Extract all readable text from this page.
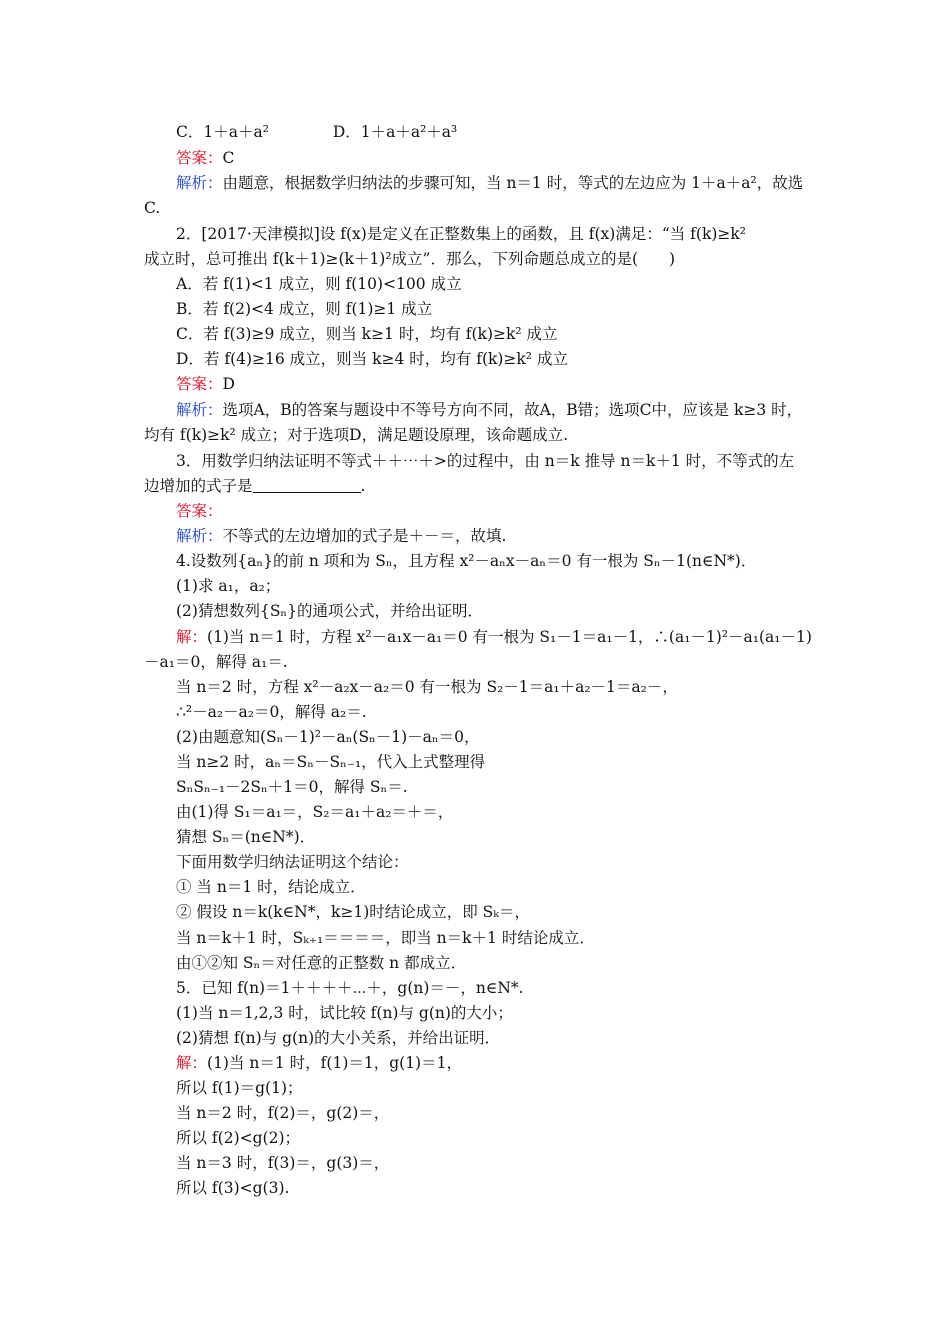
C．1＋a＋a²	D．1＋a＋a²＋a³
答案：C
解析：由题意，根据数学归纳法的步骤可知，当 n＝1 时，等式的左边应为 1＋a＋a²，故选
C.
2．[2017·天津模拟]设 f(x)是定义在正整数集上的函数，且 f(x)满足：“当 f(k)≥k²
成立时，总可推出 f(k＋1)≥(k＋1)²成立”．那么，下列命题总成立的是(　　)
A．若 f(1)<1 成立，则 f(10)<100 成立
B．若 f(2)<4 成立，则 f(1)≥1 成立
C．若 f(3)≥9 成立，则当 k≥1 时，均有 f(k)≥k² 成立
D．若 f(4)≥16 成立，则当 k≥4 时，均有 f(k)≥k² 成立
答案：D
解析：选项A，B的答案与题设中不等号方向不同，故A，B错；选项C中，应该是 k≥3 时，
均有 f(k)≥k² 成立；对于选项D，满足题设原理，该命题成立.
3．用数学归纳法证明不等式＋＋⋯＋>的过程中，由 n＝k 推导 n＝k＋1 时，不等式的左
边增加的式子是	.
答案：
解析：不等式的左边增加的式子是＋－＝，故填.
4.设数列{aₙ}的前 n 项和为 Sₙ，且方程 x²－aₙx－aₙ＝0 有一根为 Sₙ－1(n∈N*)．
(1)求 a₁，a₂；
(2)猜想数列{Sₙ}的通项公式，并给出证明．
解：(1)当 n＝1 时，方程 x²－a₁x－a₁＝0 有一根为 S₁－1＝a₁－1，∴(a₁－1)²－a₁(a₁－1)
－a₁＝0，解得 a₁＝.
当 n＝2 时，方程 x²－a₂x－a₂＝0 有一根为 S₂－1＝a₁＋a₂－1＝a₂－，
∴²－a₂－a₂＝0，解得 a₂＝.
(2)由题意知(Sₙ－1)²－aₙ(Sₙ－1)－aₙ＝0，
当 n≥2 时，aₙ＝Sₙ－Sₙ₋₁，代入上式整理得
SₙSₙ₋₁－2Sₙ＋1＝0，解得 Sₙ＝.
由(1)得 S₁＝a₁＝，S₂＝a₁＋a₂＝＋＝，
猜想 Sₙ＝(n∈N*)．
下面用数学归纳法证明这个结论：
① 当 n＝1 时，结论成立．
② 假设 n＝k(k∈N*，k≥1)时结论成立，即 Sₖ＝，
当 n＝k＋1 时，Sₖ₊₁＝＝＝＝，即当 n＝k＋1 时结论成立．
由①②知 Sₙ＝对任意的正整数 n 都成立．
5．已知 f(n)＝1＋＋＋＋⋯＋，g(n)＝－，n∈N*.
(1)当 n＝1,2,3 时，试比较 f(n)与 g(n)的大小；
(2)猜想 f(n)与 g(n)的大小关系，并给出证明．
解：(1)当 n＝1 时，f(1)＝1，g(1)＝1，
所以 f(1)＝g(1)；
当 n＝2 时，f(2)＝，g(2)＝，
所以 f(2)<g(2)；
当 n＝3 时，f(3)＝，g(3)＝，
所以 f(3)<g(3).
